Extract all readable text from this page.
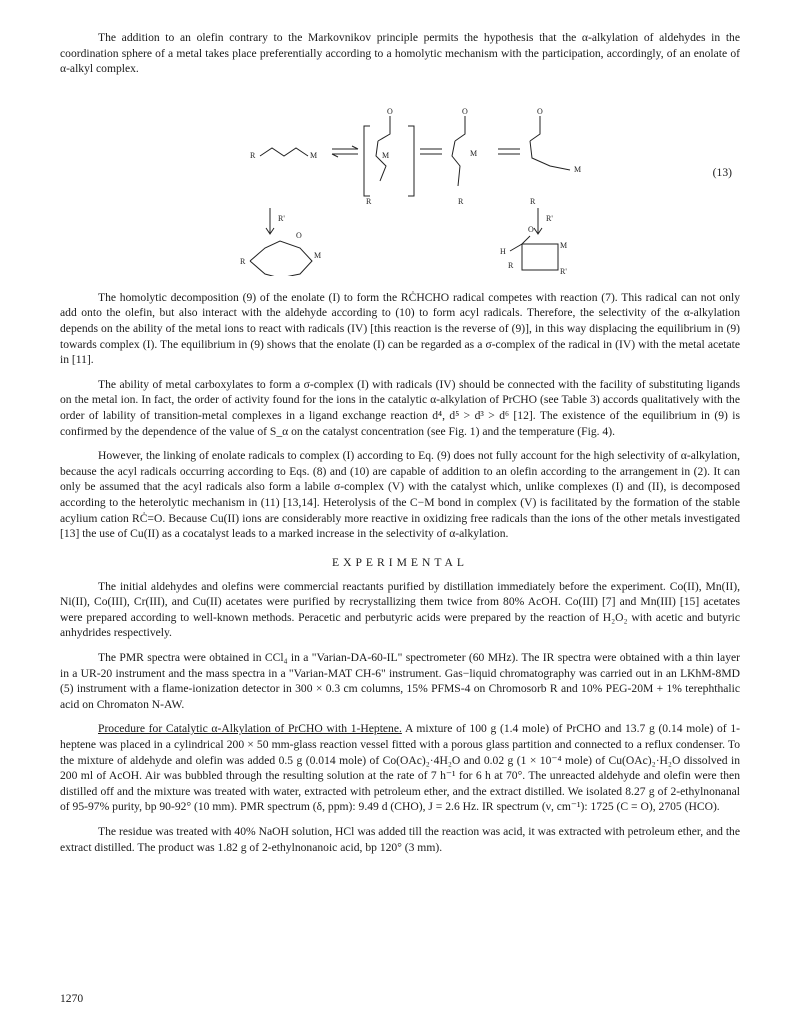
The addition to an olefin contrary to the Markovnikov principle permits the hypothesis that the α-alkylation of aldehydes in the coordination sphere of a metal takes place preferentially according to a homolytic mechanism with the participation, accordingly, of an enolate of α-alkyl complex.

R	M
O
M
R
O
M
R
O
M
R
R'	R'
R
O
M	H
O
M
R'
R
(13)

The homolytic decomposition (9) of the enolate (I) to form the RĊHCHO radical competes with reaction (7). This radical can not only add onto the olefin, but also interact with the aldehyde according to (10) to form acyl radicals. Therefore, the selectivity of the α-alkylation depends on the ability of the metal ions to react with radicals (IV) [this reaction is the reverse of (9)], in this way displacing the equilibrium in (9) towards complex (I). The equilibrium in (9) shows that the enolate (I) can be regarded as a σ-complex of the radical in (IV) with the metal acetate in [11].

The ability of metal carboxylates to form a σ-complex (I) with radicals (IV) should be connected with the facility of substituting ligands on the metal ion. In fact, the order of activity found for the ions in the catalytic α-alkylation of PrCHO (see Table 3) accords qualitatively with the order of lability of transition-metal complexes in a ligand exchange reaction d⁴, d⁵ > d³ > d⁶ [12]. The existence of the equilibrium in (9) is confirmed by the dependence of the value of S_α on the catalyst concentration (see Fig. 1) and the temperature (Fig. 4).

However, the linking of enolate radicals to complex (I) according to Eq. (9) does not fully account for the high selectivity of α-alkylation, because the acyl radicals occurring according to Eqs. (8) and (10) are capable of addition to an olefin according to the arrangement in (2). It can only be assumed that the acyl radicals also form a labile σ-complex (V) with the catalyst which, unlike complexes (I) and (II), is decomposed according to the heterolytic mechanism in (11) [13,14]. Heterolysis of the C−M bond in complex (V) is facilitated by the formation of the stable acylium cation RĊ=O. Because Cu(II) ions are considerably more reactive in oxidizing free radicals than the ions of the other metals investigated [13] the use of Cu(II) as a cocatalyst leads to a marked increase in the selectivity of α-alkylation.

EXPERIMENTAL

The initial aldehydes and olefins were commercial reactants purified by distillation immediately before the experiment. Co(II), Mn(II), Ni(II), Co(III), Cr(III), and Cu(II) acetates were purified by recrystallizing them twice from 80% AcOH. Co(III) [7] and Mn(III) [15] acetates were prepared according to well-known methods. Peracetic and perbutyric acids were prepared by the reaction of H₂O₂ with acetic and butyric anhydrides respectively.

The PMR spectra were obtained in CCl₄ in a "Varian-DA-60-IL" spectrometer (60 MHz). The IR spectra were obtained with a thin layer in a UR-20 instrument and the mass spectra in a "Varian-MAT CH-6" instrument. Gas−liquid chromatography was carried out in an LKhM-8MD (5) instrument with a flame-ionization detector in 300 × 0.3 cm columns, 15% PFMS-4 on Chromosorb R and 10% PEG-20M + 1% terephthalic acid on Chromaton N-AW.

Procedure for Catalytic α-Alkylation of PrCHO with 1-Heptene. A mixture of 100 g (1.4 mole) of PrCHO and 13.7 g (0.14 mole) of 1-heptene was placed in a cylindrical 200 × 50 mm-glass reaction vessel fitted with a porous glass partition and connected to a reflux condenser. To the mixture of aldehyde and olefin was added 0.5 g (0.014 mole) of Co(OAc)₂·4H₂O and 0.02 g (1 × 10⁻⁴ mole) of Cu(OAc)₂·H₂O dissolved in 200 ml of AcOH. Air was bubbled through the resulting solution at the rate of 7 h⁻¹ for 6 h at 70°. The unreacted aldehyde and olefin were then distilled off and the mixture was treated with water, extracted with petroleum ether, and the extract distilled. We isolated 8.27 g of 2-ethylnonanal of 95-97% purity, bp 90-92° (10 mm). PMR spectrum (δ, ppm): 9.49 d (CHO), J = 2.6 Hz. IR spectrum (ν, cm⁻¹): 1725 (C = O), 2705 (HCO).

The residue was treated with 40% NaOH solution, HCl was added till the reaction was acid, it was extracted with petroleum ether, and the extract distilled. The product was 1.82 g of 2-ethylnonanoic acid, bp 120° (3 mm).

1270
